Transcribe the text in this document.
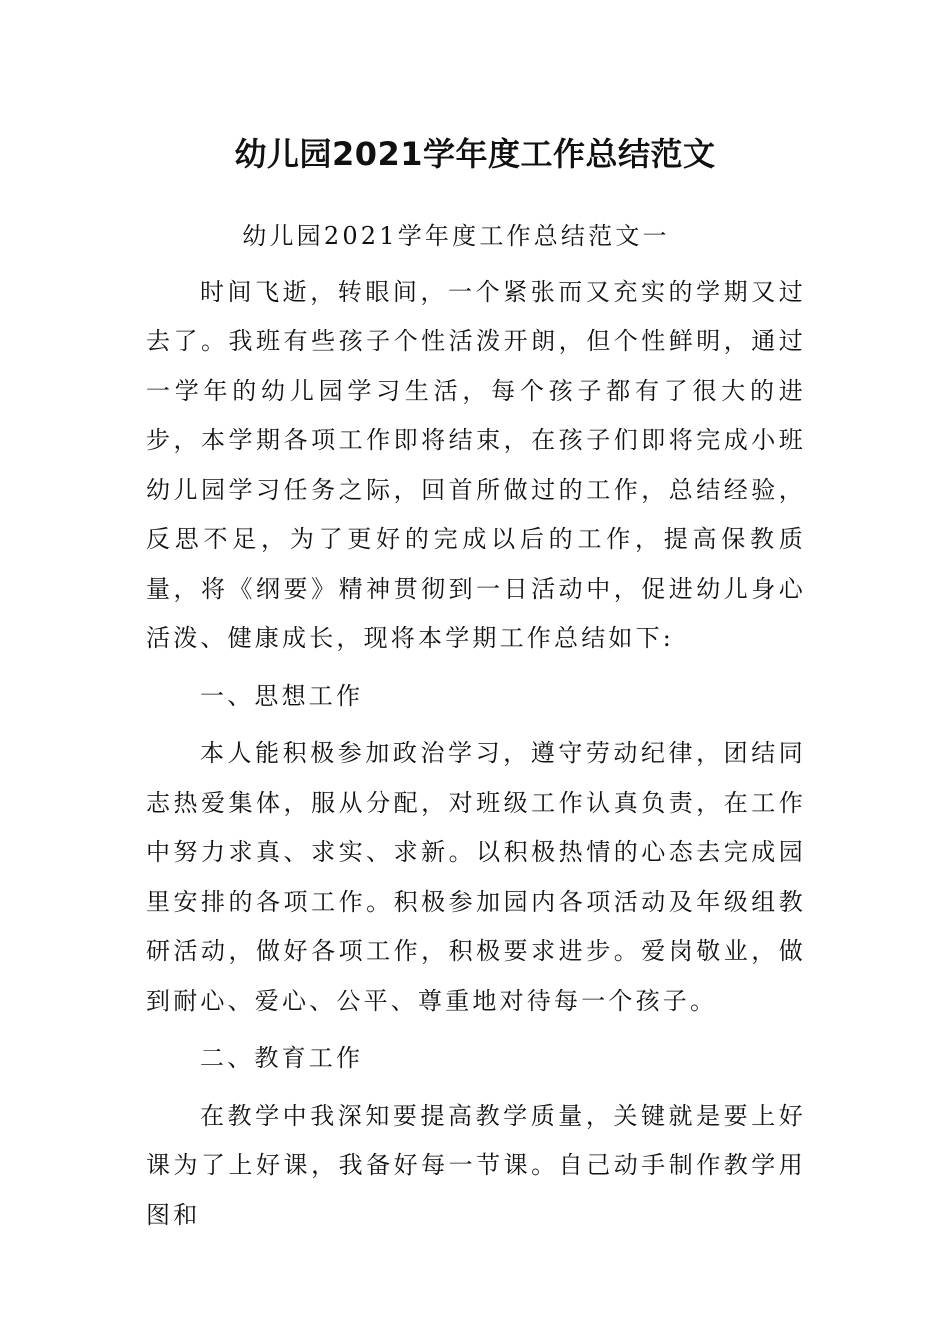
幼儿园2021学年度工作总结范文

幼儿园2021学年度工作总结范文一

时间飞逝，转眼间，一个紧张而又充实的学期又过去了。我班有些孩子个性活泼开朗，但个性鲜明，通过一学年的幼儿园学习生活，每个孩子都有了很大的进步，本学期各项工作即将结束，在孩子们即将完成小班幼儿园学习任务之际，回首所做过的工作，总结经验，反思不足，为了更好的完成以后的工作，提高保教质量，将《纲要》精神贯彻到一日活动中，促进幼儿身心活泼、健康成长，现将本学期工作总结如下:

一、思想工作

本人能积极参加政治学习，遵守劳动纪律，团结同志热爱集体，服从分配，对班级工作认真负责，在工作中努力求真、求实、求新。以积极热情的心态去完成园里安排的各项工作。积极参加园内各项活动及年级组教研活动，做好各项工作，积极要求进步。爱岗敬业，做到耐心、爱心、公平、尊重地对待每一个孩子。

二、教育工作

在教学中我深知要提高教学质量，关键就是要上好课为了上好课，我备好每一节课。自己动手制作教学用图和
